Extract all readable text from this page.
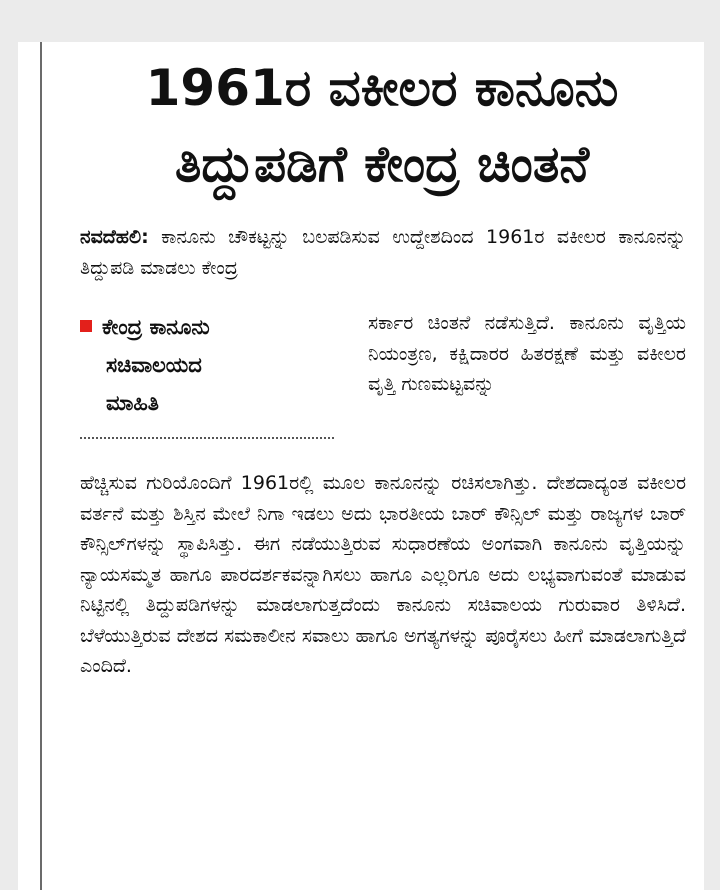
1961ರ ವಕೀಲರ ಕಾನೂನು
ತಿದ್ದುಪಡಿಗೆ ಕೇಂದ್ರ ಚಿಂತನೆ
ನವದೆಹಲಿ: ಕಾನೂನು ಚೌಕಟ್ಟನ್ನು ಬಲಪಡಿಸುವ ಉದ್ದೇಶದಿಂದ 1961ರ ವಕೀಲರ ಕಾನೂನನ್ನು ತಿದ್ದುಪಡಿ ಮಾಡಲು ಕೇಂದ್ರ
ಕೇಂದ್ರ ಕಾನೂನು
ಸಚಿವಾಲಯದ
ಮಾಹಿತಿ
ಸರ್ಕಾರ ಚಿಂತನೆ ನಡೆಸುತ್ತಿದೆ. ಕಾನೂನು ವೃತ್ತಿಯ ನಿಯಂತ್ರಣ, ಕಕ್ಷಿದಾರರ ಹಿತರಕ್ಷಣೆ ಮತ್ತು ವಕೀಲರ ವೃತ್ತಿ ಗುಣಮಟ್ಟವನ್ನು
ಹೆಚ್ಚಿಸುವ ಗುರಿಯೊಂದಿಗೆ 1961ರಲ್ಲಿ ಮೂಲ ಕಾನೂನನ್ನು ರಚಿಸಲಾಗಿತ್ತು. ದೇಶದಾದ್ಯಂತ ವಕೀಲರ ವರ್ತನೆ ಮತ್ತು ಶಿಸ್ತಿನ ಮೇಲೆ ನಿಗಾ ಇಡಲು ಅದು ಭಾರತೀಯ ಬಾರ್ ಕೌನ್ಸಿಲ್ ಮತ್ತು ರಾಜ್ಯಗಳ ಬಾರ್ ಕೌನ್ಸಿಲ್‌ಗಳನ್ನು ಸ್ಥಾಪಿಸಿತ್ತು. ಈಗ ನಡೆಯುತ್ತಿರುವ ಸುಧಾರಣೆಯ ಅಂಗವಾಗಿ ಕಾನೂನು ವೃತ್ತಿಯನ್ನು ನ್ಯಾಯಸಮ್ಮತ ಹಾಗೂ ಪಾರದರ್ಶಕವನ್ನಾಗಿಸಲು ಹಾಗೂ ಎಲ್ಲರಿಗೂ ಅದು ಲಭ್ಯವಾಗುವಂತೆ ಮಾಡುವ ನಿಟ್ಟಿನಲ್ಲಿ ತಿದ್ದುಪಡಿಗಳನ್ನು ಮಾಡಲಾಗುತ್ತದೆಂದು ಕಾನೂನು ಸಚಿವಾಲಯ ಗುರುವಾರ ತಿಳಿಸಿದೆ. ಬೆಳೆಯುತ್ತಿರುವ ದೇಶದ ಸಮಕಾಲೀನ ಸವಾಲು ಹಾಗೂ ಅಗತ್ಯಗಳನ್ನು ಪೂರೈಸಲು ಹೀಗೆ ಮಾಡಲಾಗುತ್ತಿದೆ ಎಂದಿದೆ.
